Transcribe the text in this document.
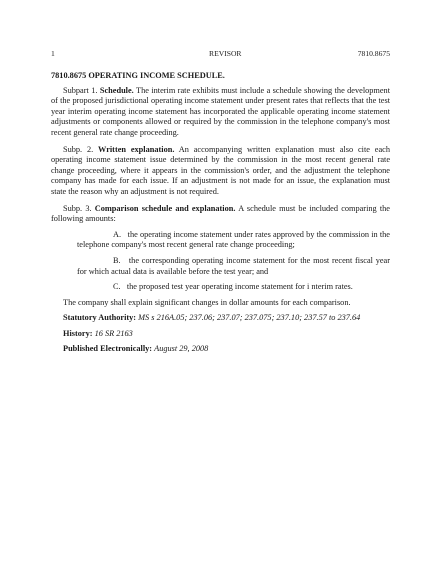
1	REVISOR	7810.8675
7810.8675 OPERATING INCOME SCHEDULE.

Subpart 1. Schedule. The interim rate exhibits must include a schedule showing the development of the proposed jurisdictional operating income statement under present rates that reflects that the test year interim operating income statement has incorporated the applicable operating income statement adjustments or components allowed or required by the commission in the telephone company's most recent general rate change proceeding.

Subp. 2. Written explanation. An accompanying written explanation must also cite each operating income statement issue determined by the commission in the most recent general rate change proceeding, where it appears in the commission's order, and the adjustment the telephone company has made for each issue. If an adjustment is not made for an issue, the explanation must state the reason why an adjustment is not required.

Subp. 3. Comparison schedule and explanation. A schedule must be included comparing the following amounts:

A. the operating income statement under rates approved by the commission in the telephone company's most recent general rate change proceeding;

B. the corresponding operating income statement for the most recent fiscal year for which actual data is available before the test year; and

C. the proposed test year operating income statement for i nterim rates.

The company shall explain significant changes in dollar amounts for each comparison.

Statutory Authority: MS s 216A.05; 237.06; 237.07; 237.075; 237.10; 237.57 to 237.64

History: 16 SR 2163

Published Electronically: August 29, 2008
